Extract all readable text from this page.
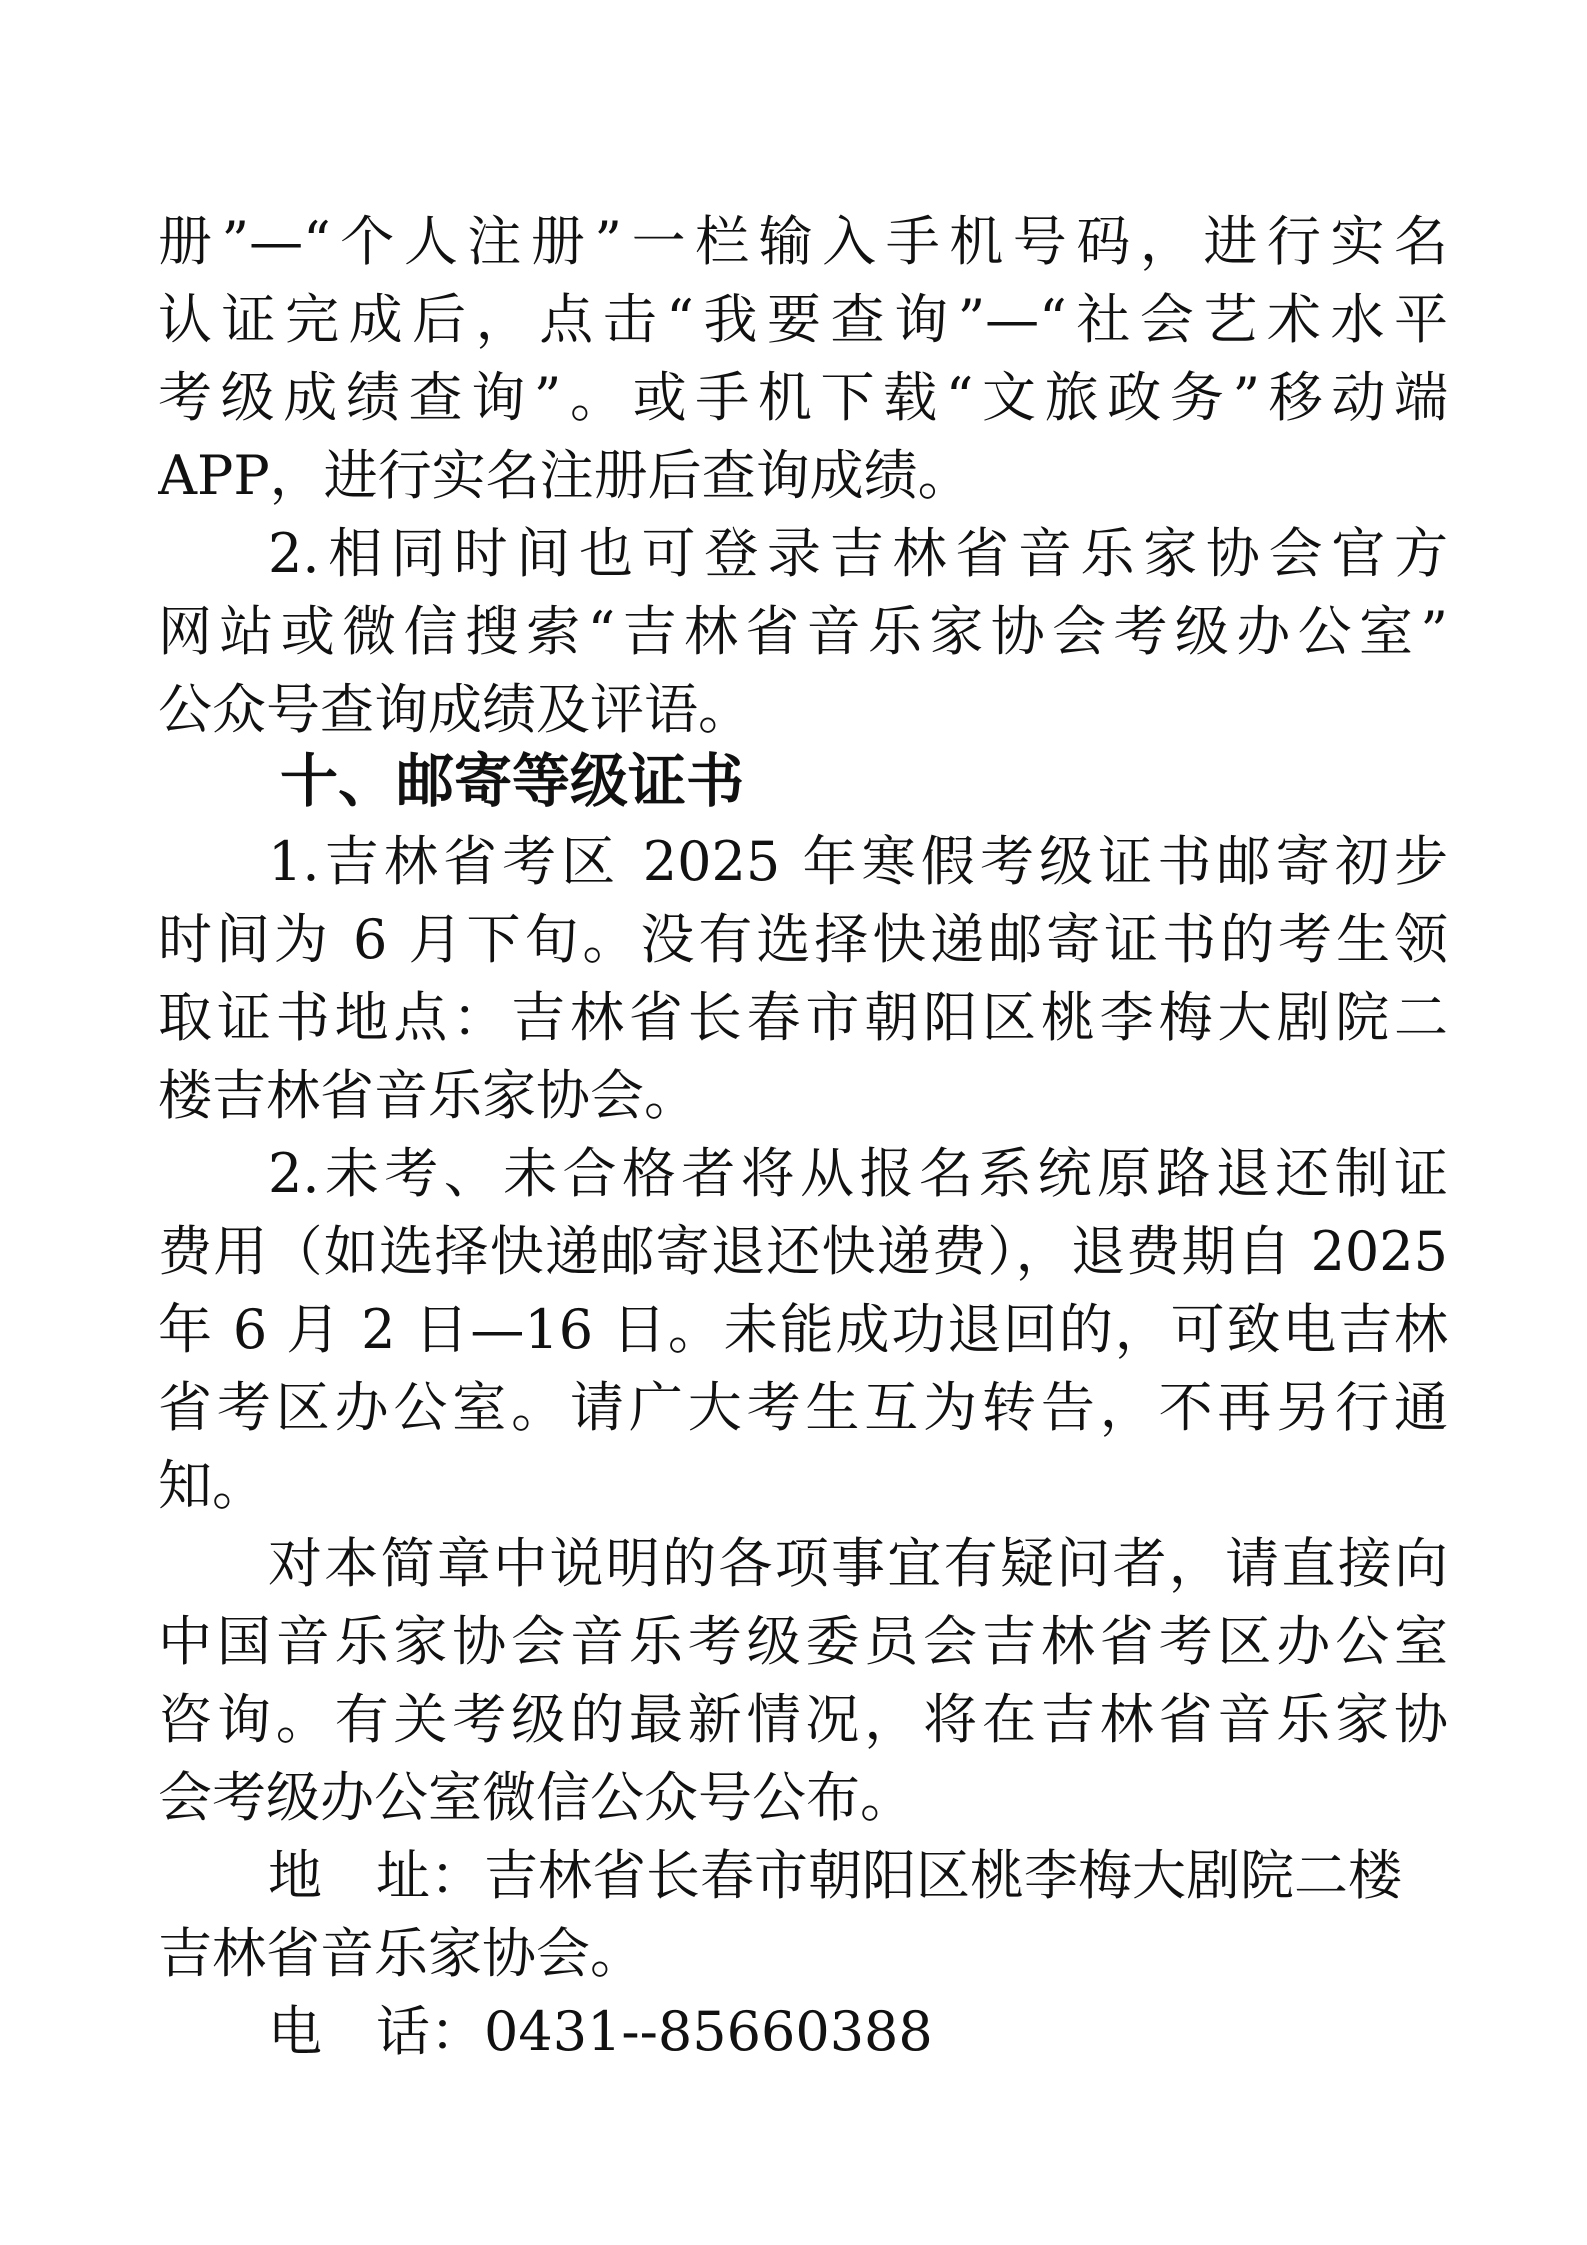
册”—“个人注册”一栏输入手机号码，进行实名
认证完成后，点击“我要查询”—“社会艺术水平
考级成绩查询”。或手机下载“文旅政务”移动端
APP，进行实名注册后查询成绩。
2.相同时间也可登录吉林省音乐家协会官方
网站或微信搜索“吉林省音乐家协会考级办公室”
公众号查询成绩及评语。
十、邮寄等级证书
1.吉林省考区 2025 年寒假考级证书邮寄初步
时间为 6 月下旬。没有选择快递邮寄证书的考生领
取证书地点：吉林省长春市朝阳区桃李梅大剧院二
楼吉林省音乐家协会。
2.未考、未合格者将从报名系统原路退还制证
费用（如选择快递邮寄退还快递费），退费期自 2025
年 6 月 2 日—16 日。未能成功退回的，可致电吉林
省考区办公室。请广大考生互为转告，不再另行通
知。
对本简章中说明的各项事宜有疑问者，请直接向
中国音乐家协会音乐考级委员会吉林省考区办公室
咨询。有关考级的最新情况，将在吉林省音乐家协
会考级办公室微信公众号公布。
地 址：吉林省长春市朝阳区桃李梅大剧院二楼
吉林省音乐家协会。
电 话：0431--85660388
